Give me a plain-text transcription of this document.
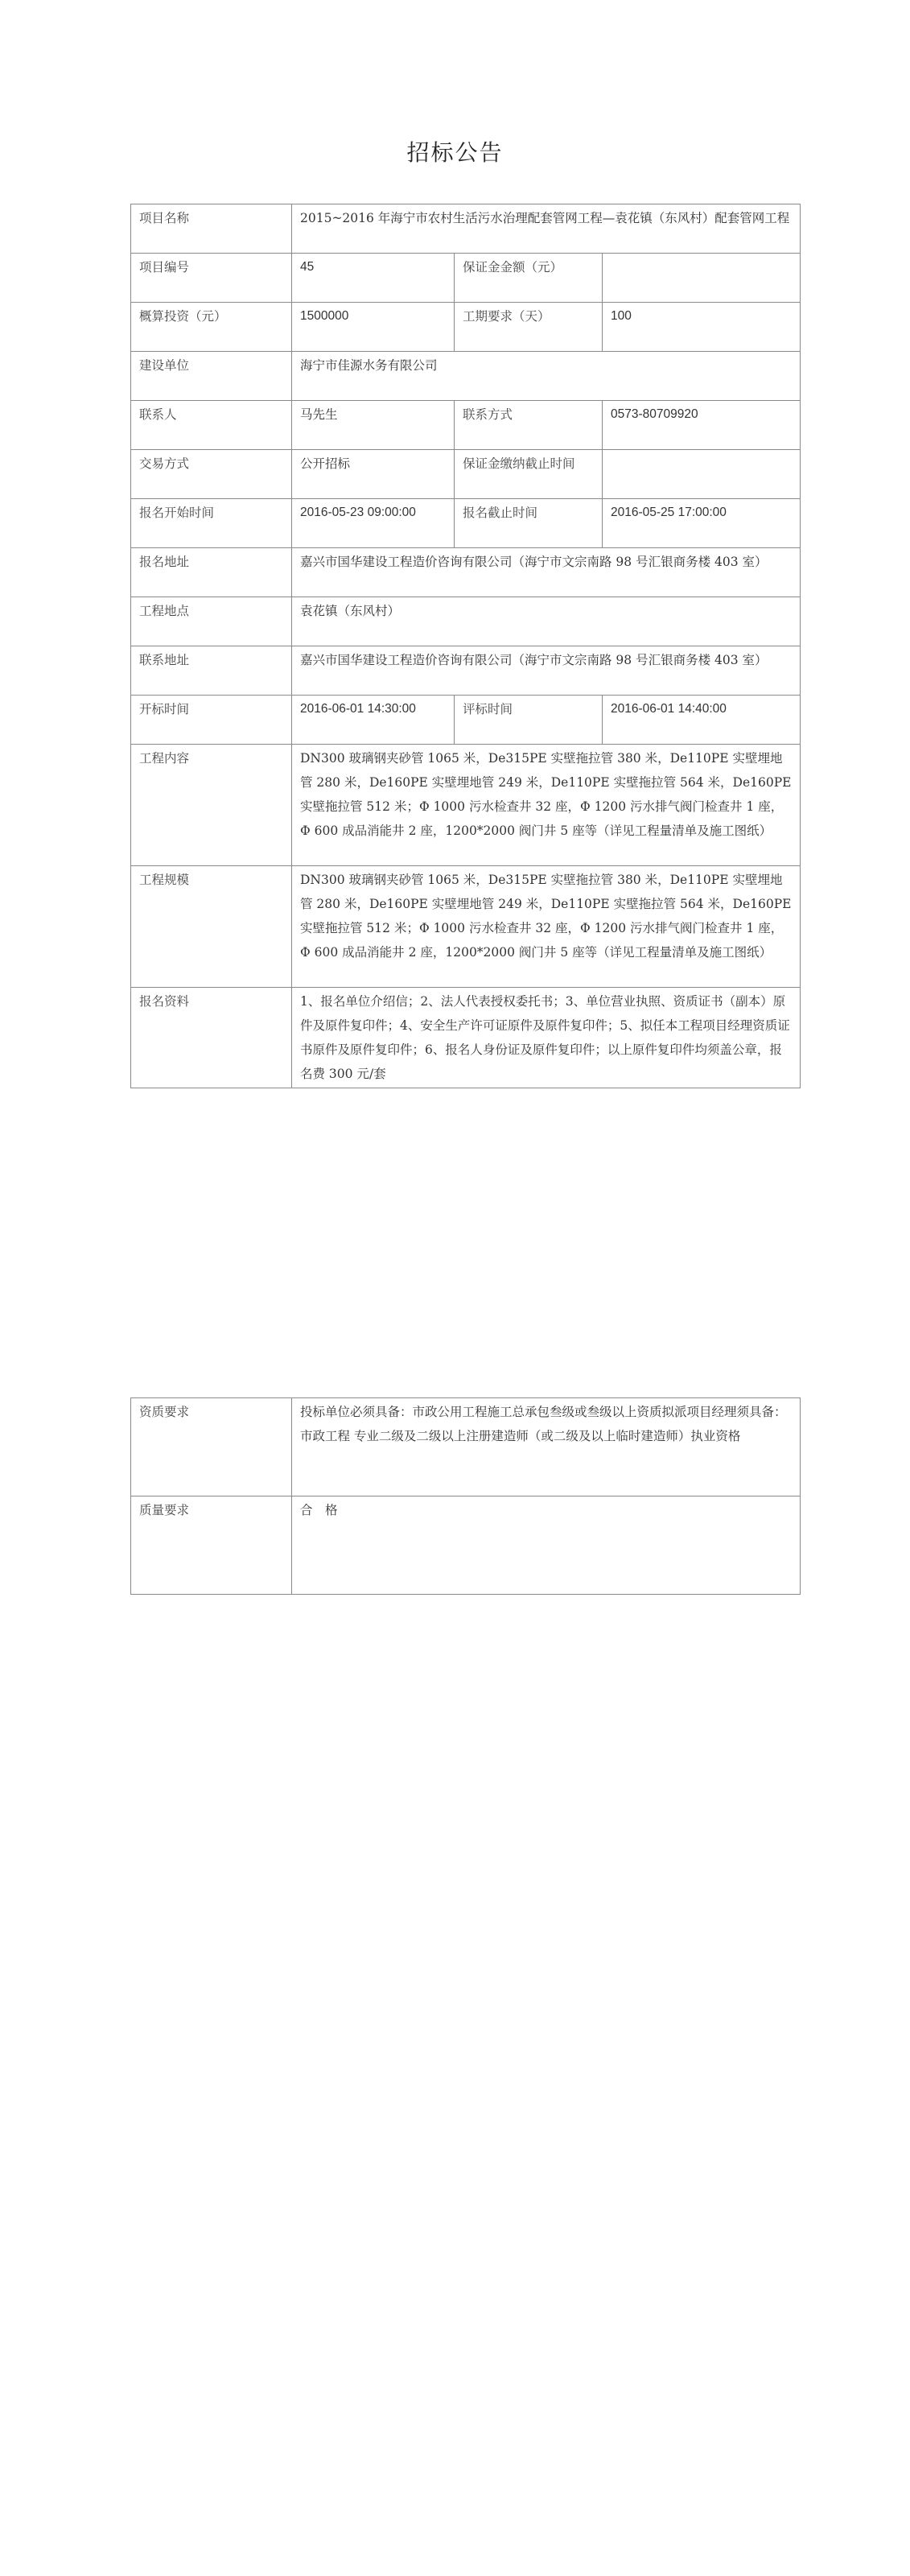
招标公告
项目名称	2015~2016 年海宁市农村生活污水治理配套管网工程—袁花镇（东风村）配套管网工程		
项目编号	45	保证金金额（元）	
概算投资（元）	1500000	工期要求（天）	100
建设单位	海宁市佳源水务有限公司		
联系人	马先生	联系方式	0573-80709920
交易方式	公开招标	保证金缴纳截止时间	
报名开始时间	2016-05-23 09:00:00	报名截止时间	2016-05-25 17:00:00
报名地址	嘉兴市国华建设工程造价咨询有限公司（海宁市文宗南路 98 号汇银商务楼 403 室）		
工程地点	袁花镇（东风村）		
联系地址	嘉兴市国华建设工程造价咨询有限公司（海宁市文宗南路 98 号汇银商务楼 403 室）		
开标时间	2016-06-01 14:30:00	评标时间	2016-06-01 14:40:00
工程内容	DN300 玻璃钢夹砂管 1065 米，De315PE 实壁拖拉管 380 米，De110PE 实壁埋地管 280 米，De160PE 实壁埋地管 249 米，De110PE 实壁拖拉管 564 米，De160PE 实壁拖拉管 512 米；Φ 1000 污水检查井 32 座，Φ 1200 污水排气阀门检查井 1 座， Φ 600 成品消能井 2 座，1200*2000 阀门井 5 座等（详见工程量清单及施工图纸）		
工程规模	DN300 玻璃钢夹砂管 1065 米，De315PE 实壁拖拉管 380 米，De110PE 实壁埋地管 280 米，De160PE 实壁埋地管 249 米，De110PE 实壁拖拉管 564 米，De160PE 实壁拖拉管 512 米；Φ 1000 污水检查井 32 座，Φ 1200 污水排气阀门检查井 1 座， Φ 600 成品消能井 2 座，1200*2000 阀门井 5 座等（详见工程量清单及施工图纸）		
报名资料	1、报名单位介绍信；2、法人代表授权委托书；3、单位营业执照、资质证书（副本）原件及原件复印件；4、安全生产许可证原件及原件复印件；5、拟任本工程项目经理资质证书原件及原件复印件；6、报名人身份证及原件复印件；以上原件复印件均须盖公章，报名费 300 元/套		
资质要求	投标单位必须具备：市政公用工程施工总承包叁级或叁级以上资质拟派项目经理须具备： 市政工程 专业二级及二级以上注册建造师（或二级及以上临时建造师）执业资格
质量要求	合　格
